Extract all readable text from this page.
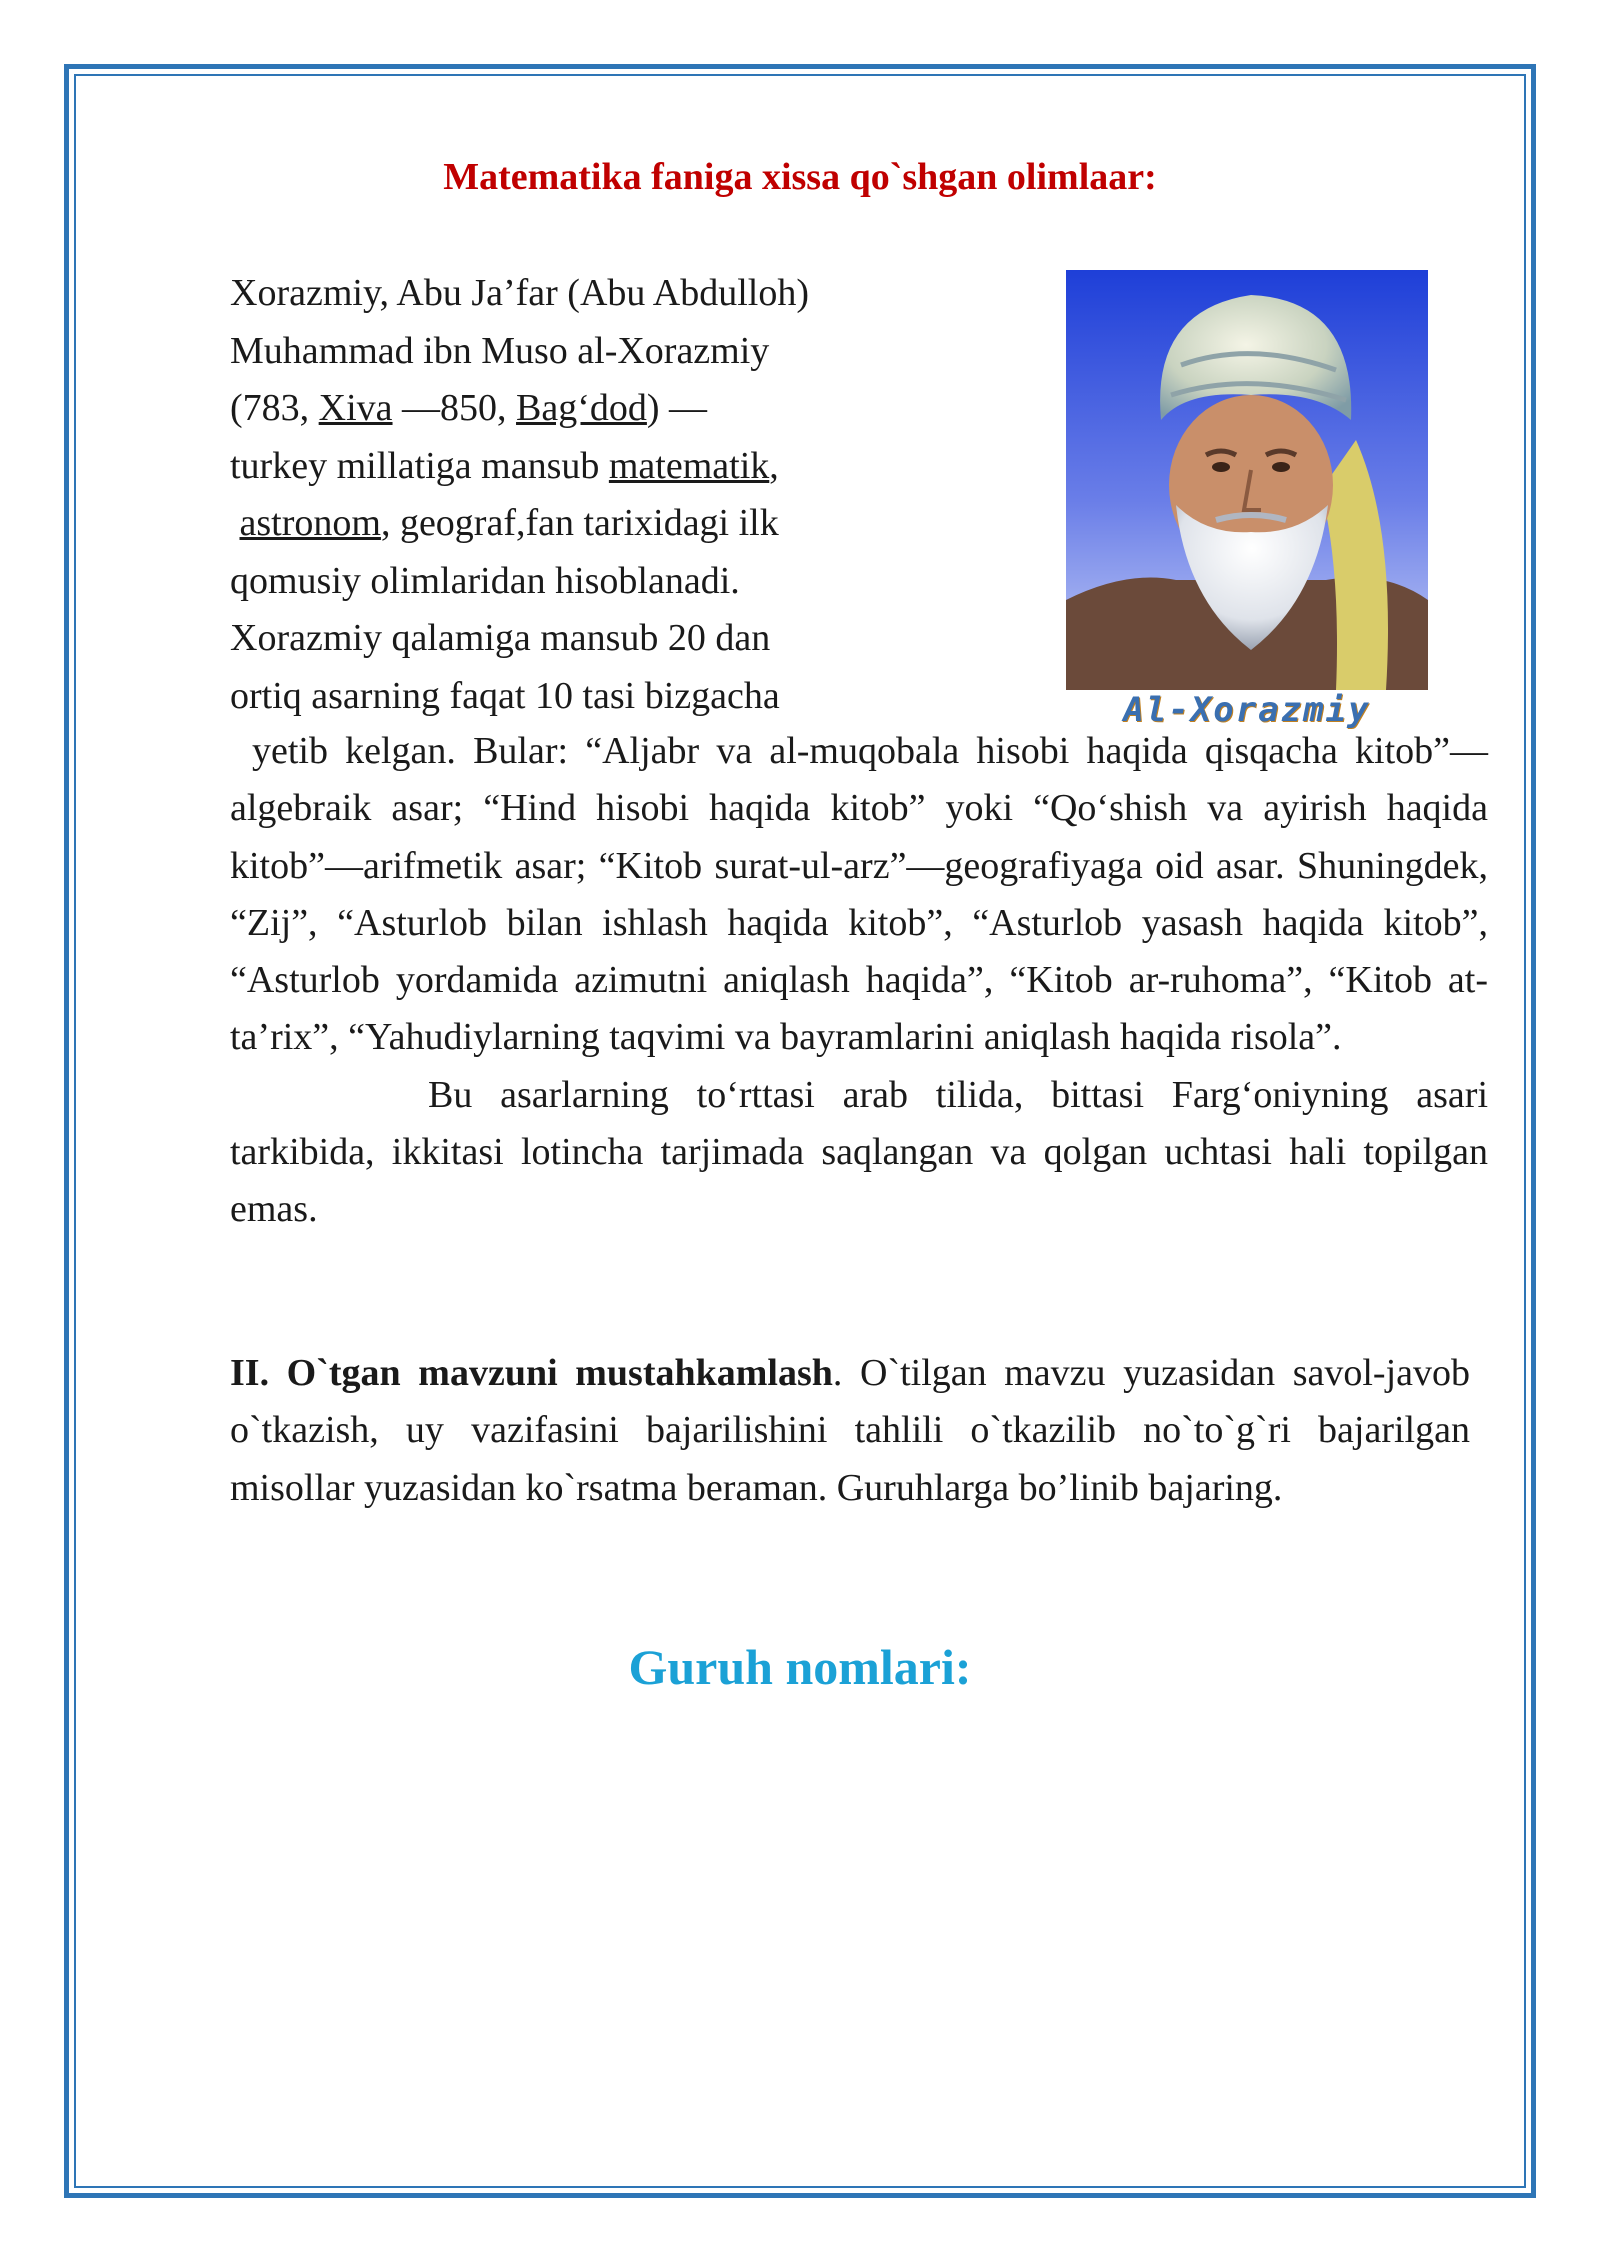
Matematika faniga xissa qo`shgan olimlaar:
Xorazmiy, Abu Ja’far (Abu Abdulloh)
Muhammad ibn Muso al-Xorazmiy
(783, Xiva —850, Bag‘dod) —
turkey millatiga mansub matematik,
astronom, geograf,fan tarixidagi ilk
qomusiy olimlaridan hisoblanadi.
Xorazmiy qalamiga mansub 20 dan
ortiq asarning faqat 10 tasi bizgacha	Al-Xorazmiy

yetib kelgan. Bular: “Aljabr va al-muqobala hisobi haqida qisqacha kitob”—algebraik asar; “Hind hisobi haqida kitob” yoki “Qo‘shish va ayirish haqida kitob”—arifmetik asar; “Kitob surat-ul-arz”—geografiyaga oid asar. Shuningdek, “Zij”, “Asturlob bilan ishlash haqida kitob”, “Asturlob yasash haqida kitob”, “Asturlob yordamida azimutni aniqlash haqida”, “Kitob ar-ruhoma”, “Kitob at-ta’rix”, “Yahudiylarning taqvimi va bayramlarini aniqlash haqida risola”.

Bu asarlarning to‘rttasi arab tilida, bittasi Farg‘oniyning asari tarkibida, ikkitasi lotincha tarjimada saqlangan va qolgan uchtasi hali topilgan emas.

II. O`tgan mavzuni mustahkamlash. O`tilgan mavzu yuzasidan savol-javob o`tkazish, uy vazifasini bajarilishini tahlili o`tkazilib no`to`g`ri bajarilgan misollar yuzasidan ko`rsatma beraman. Guruhlarga bo’linib bajaring.
Guruh nomlari:
